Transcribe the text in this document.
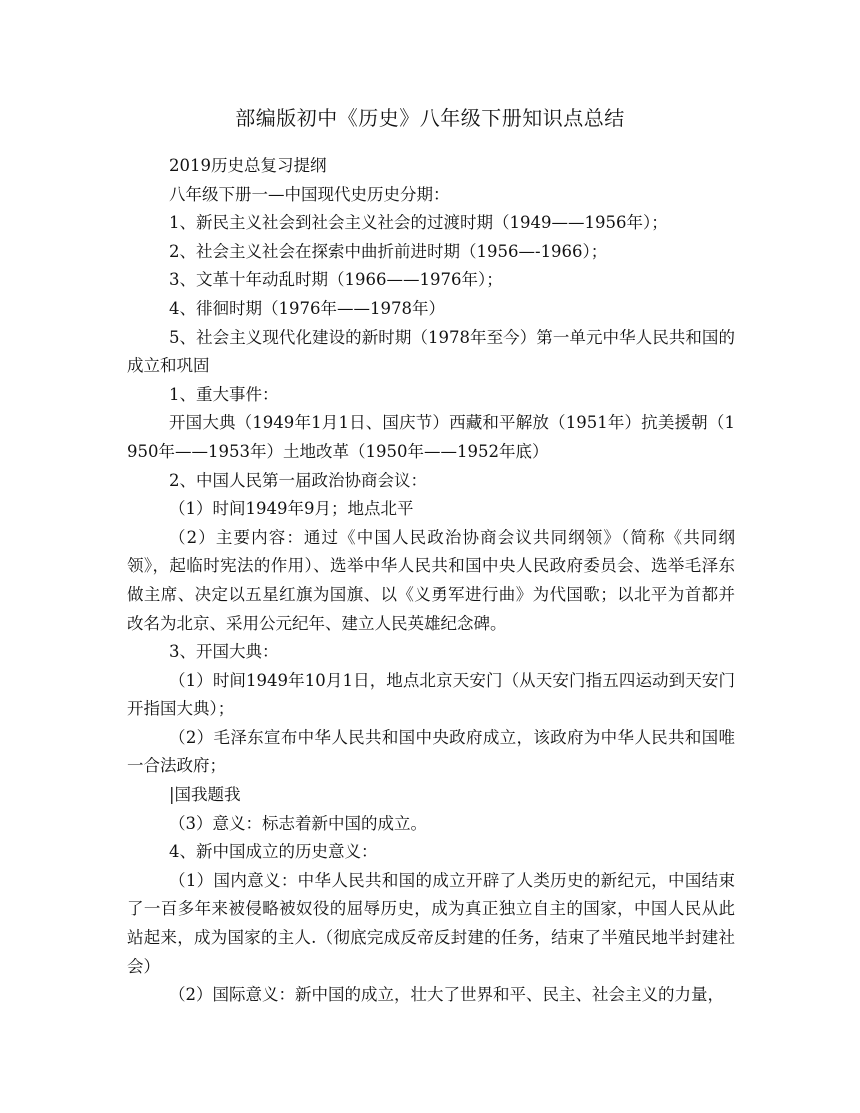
部编版初中《历史》八年级下册知识点总结

2019历史总复习提纲

八年级下册一—中国现代史历史分期：

1、新民主义社会到社会主义社会的过渡时期（1949——1956年）；

2、社会主义社会在探索中曲折前进时期（1956—-1966）；

3、文革十年动乱时期（1966——1976年）；

4、徘徊时期（1976年——1978年）

5、社会主义现代化建设的新时期（1978年至今）第一单元中华人民共和国的成立和巩固

1、重大事件：

开国大典（1949年1月1日、国庆节）西藏和平解放（1951年）抗美援朝（1950年——1953年）土地改革（1950年——1952年底）

2、中国人民第一届政治协商会议：

（1）时间1949年9月；地点北平

（2）主要内容：通过《中国人民政治协商会议共同纲领》（简称《共同纲领》，起临时宪法的作用）、选举中华人民共和国中央人民政府委员会、选举毛泽东做主席、决定以五星红旗为国旗、以《义勇军进行曲》为代国歌；以北平为首都并改名为北京、采用公元纪年、建立人民英雄纪念碑。

3、开国大典：

（1）时间1949年10月1日，地点北京天安门（从天安门指五四运动到天安门开指国大典）；

（2）毛泽东宣布中华人民共和国中央政府成立，该政府为中华人民共和国唯一合法政府；

|国我题我

（3）意义：标志着新中国的成立。

4、新中国成立的历史意义：

（1）国内意义：中华人民共和国的成立开辟了人类历史的新纪元，中国结束了一百多年来被侵略被奴役的屈辱历史，成为真正独立自主的国家，中国人民从此站起来，成为国家的主人.（彻底完成反帝反封建的任务，结束了半殖民地半封建社会）

（2）国际意义：新中国的成立，壮大了世界和平、民主、社会主义的力量，
